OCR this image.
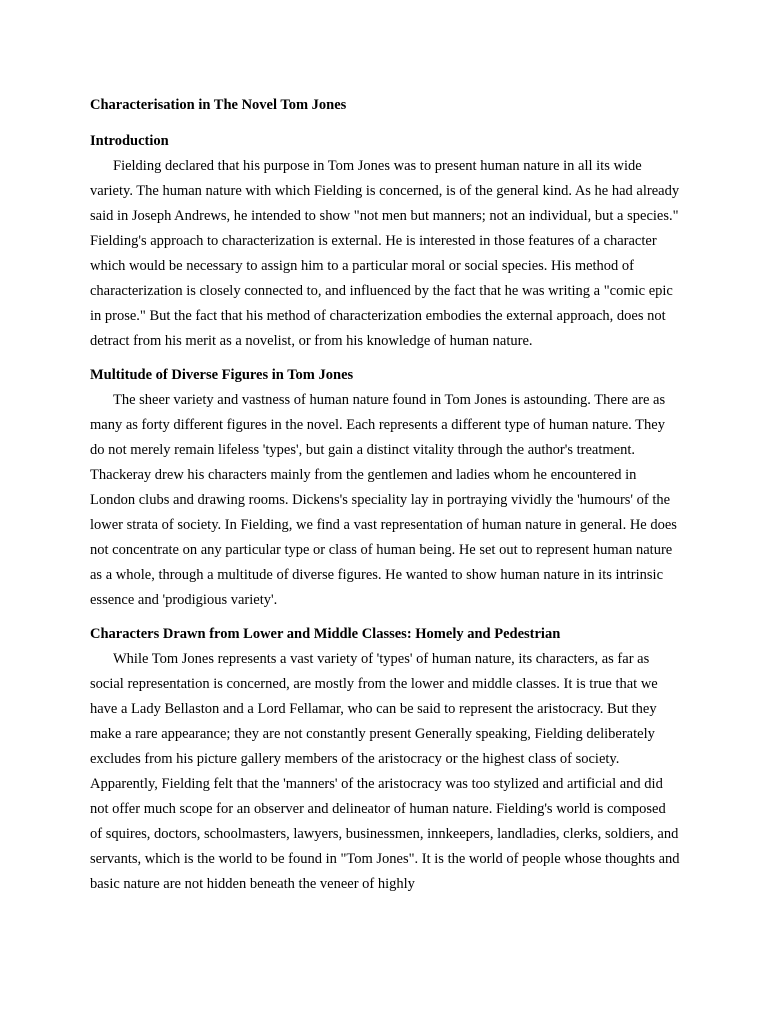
Characterisation in The Novel Tom Jones

Introduction

Fielding declared that his purpose in Tom Jones was to present human nature in all its wide variety. The human nature with which Fielding is concerned, is of the general kind. As he had already said in Joseph Andrews, he intended to show "not men but manners; not an individual, but a species." Fielding's approach to characterization is external. He is interested in those features of a character which would be necessary to assign him to a particular moral or social species. His method of characterization is closely connected to, and influenced by the fact that he was writing a "comic epic in prose." But the fact that his method of characterization embodies the external approach, does not detract from his merit as a novelist, or from his knowledge of human nature.

Multitude of Diverse Figures in Tom Jones

The sheer variety and vastness of human nature found in Tom Jones is astounding. There are as many as forty different figures in the novel. Each represents a different type of human nature. They do not merely remain lifeless 'types', but gain a distinct vitality through the author's treatment. Thackeray drew his characters mainly from the gentlemen and ladies whom he encountered in London clubs and drawing rooms. Dickens's speciality lay in portraying vividly the 'humours' of the lower strata of society. In Fielding, we find a vast representation of human nature in general. He does not concentrate on any particular type or class of human being. He set out to represent human nature as a whole, through a multitude of diverse figures. He wanted to show human nature in its intrinsic essence and 'prodigious variety'.

Characters Drawn from Lower and Middle Classes: Homely and Pedestrian

While Tom Jones represents a vast variety of 'types' of human nature, its characters, as far as social representation is concerned, are mostly from the lower and middle classes. It is true that we have a Lady Bellaston and a Lord Fellamar, who can be said to represent the aristocracy. But they make a rare appearance; they are not constantly present Generally speaking, Fielding deliberately excludes from his picture gallery members of the aristocracy or the highest class of society. Apparently, Fielding felt that the 'manners' of the aristocracy was too stylized and artificial and did not offer much scope for an observer and delineator of human nature. Fielding's world is composed of squires, doctors, schoolmasters, lawyers, businessmen, innkeepers, landladies, clerks, soldiers, and servants, which is the world to be found in "Tom Jones". It is the world of people whose thoughts and basic nature are not hidden beneath the veneer of highly
